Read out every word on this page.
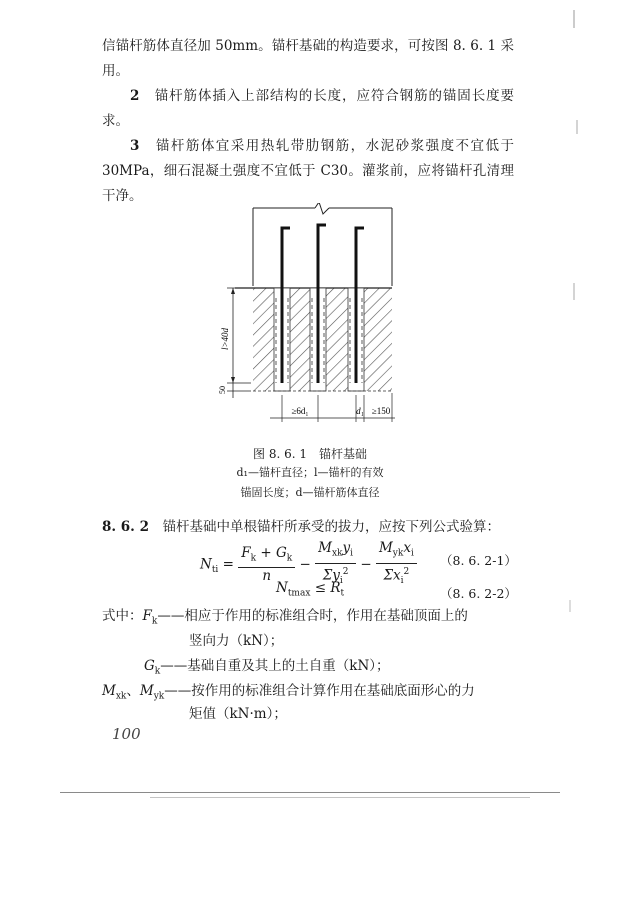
信锚杆筋体直径加 50mm。锚杆基础的构造要求，可按图 8. 6. 1 采用。
2　 锚杆筋体插入上部结构的长度，应符合钢筋的锚固长度要求。
3　 锚杆筋体宜采用热轧带肋钢筋，水泥砂浆强度不宜低于 30MPa，细石混凝土强度不宜低于 C30。灌浆前，应将锚杆孔清理干净。
l>40d
50
≥6d₁	d₁ ≥150
图 8. 6. 1　锚杆基础
d₁—锚杆直径；l—锚杆的有效
锚固长度；d—锚杆筋体直径
8. 6. 2　 锚杆基础中单根锚杆所承受的拔力，应按下列公式验算：
$N_{ti} = \frac{F_k + G_k}{n} - \frac{M_{xk}y_i}{\Sigma y_i^2} - \frac{M_{yk}x_i}{\Sigma x_i^2} (8$. 6. 2-1）
$N_{tmax} \le R_t$	（8. 6. 2-2）
式中：$F_k——$相应于作用的标准组合时，作用在基础顶面上的
竖向力（kN）；
$G_k——$基础自重及其上的土自重（kN）；
$M_{xk}$、$M_{yk}——$按作用的标准组合计算作用在基础底面形心的力
矩值（kN·m）；
100
